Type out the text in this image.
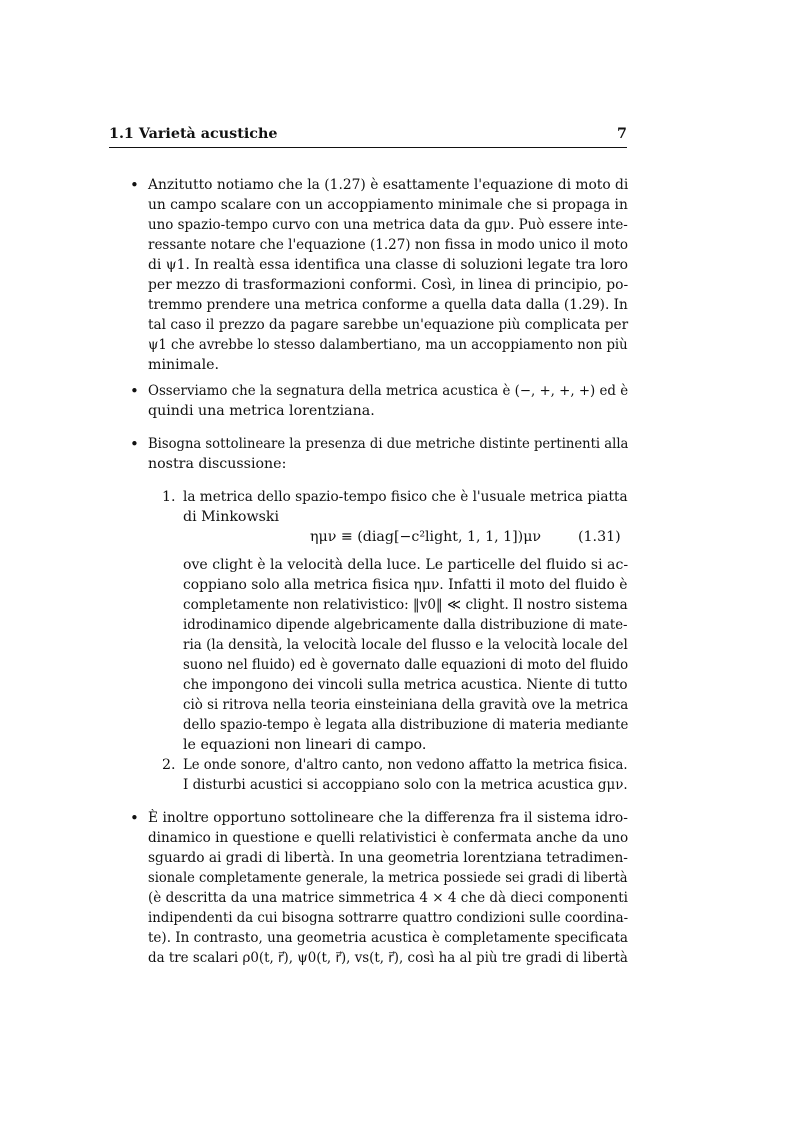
1.1 Varietà acustiche	7
• Anzitutto notiamo che la (1.27) è esattamente l'equazione di moto di
un campo scalare con un accoppiamento minimale che si propaga in
uno spazio-tempo curvo con una metrica data da gμν. Può essere inte-
ressante notare che l'equazione (1.27) non fissa in modo unico il moto
di ψ1. In realtà essa identifica una classe di soluzioni legate tra loro
per mezzo di trasformazioni conformi. Così, in linea di principio, po-
tremmo prendere una metrica conforme a quella data dalla (1.29). In
tal caso il prezzo da pagare sarebbe un'equazione più complicata per
ψ1 che avrebbe lo stesso dalambertiano, ma un accoppiamento non più
minimale.
• Osserviamo che la segnatura della metrica acustica è (−, +, +, +) ed è
quindi una metrica lorentziana.
• Bisogna sottolineare la presenza di due metriche distinte pertinenti alla
nostra discussione:
1. la metrica dello spazio-tempo fisico che è l'usuale metrica piatta
di Minkowski
ημν ≡ (diag[−c²light, 1, 1, 1])μν	(1.31)
ove clight è la velocità della luce. Le particelle del fluido si ac-
coppiano solo alla metrica fisica ημν. Infatti il moto del fluido è
completamente non relativistico: ‖v0‖ ≪ clight. Il nostro sistema
idrodinamico dipende algebricamente dalla distribuzione di mate-
ria (la densità, la velocità locale del flusso e la velocità locale del
suono nel fluido) ed è governato dalle equazioni di moto del fluido
che impongono dei vincoli sulla metrica acustica. Niente di tutto
ciò si ritrova nella teoria einsteiniana della gravità ove la metrica
dello spazio-tempo è legata alla distribuzione di materia mediante
le equazioni non lineari di campo.
2. Le onde sonore, d'altro canto, non vedono affatto la metrica fisica.
I disturbi acustici si accoppiano solo con la metrica acustica gμν.
• È inoltre opportuno sottolineare che la differenza fra il sistema idro-
dinamico in questione e quelli relativistici è confermata anche da uno
sguardo ai gradi di libertà. In una geometria lorentziana tetradimen-
sionale completamente generale, la metrica possiede sei gradi di libertà
(è descritta da una matrice simmetrica 4 × 4 che dà dieci componenti
indipendenti da cui bisogna sottrarre quattro condizioni sulle coordina-
te). In contrasto, una geometria acustica è completamente specificata
da tre scalari ρ0(t, r⃗), ψ0(t, r⃗), vs(t, r⃗), così ha al più tre gradi di libertà
